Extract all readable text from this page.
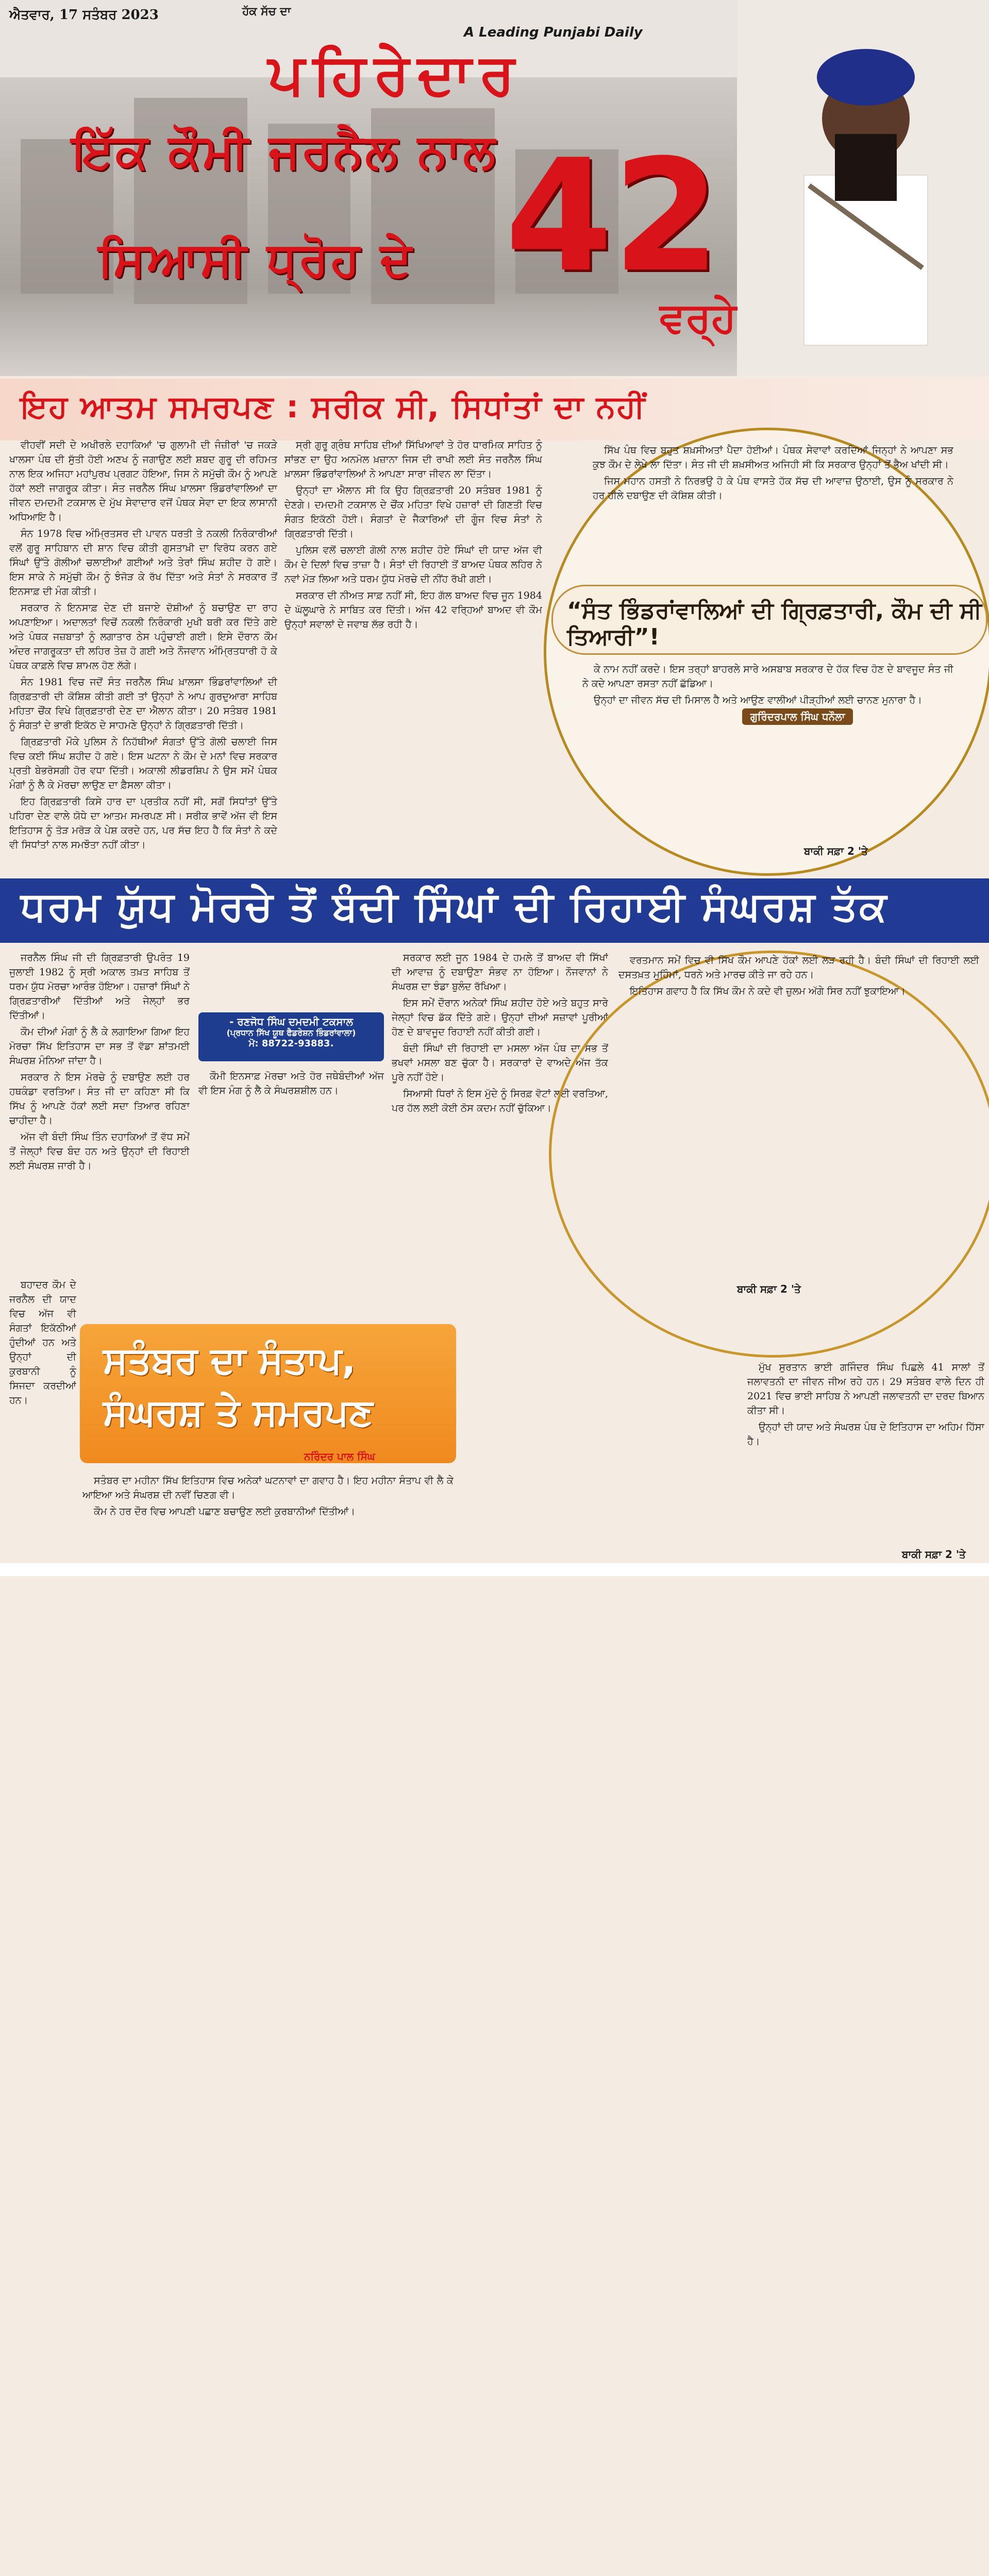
ਐਤਵਾਰ, 17 ਸਤੰਬਰ 2023	ਹੱਕ ਸੱਚ ਦਾ
A Leading Punjabi Daily
ਪਹਿਰੇਦਾਰ
ਇੱਕ ਕੌਮੀ ਜਰਨੈਲ ਨਾਲ
ਸਿਆਸੀ ਧ੍ਰੋਹ ਦੇ 42
ਵਰ੍ਹੇ
ਇਹ ਆਤਮ ਸਮਰਪਣ : ਸਰੀਕ ਸੀ, ਸਿਧਾਂਤਾਂ ਦਾ ਨਹੀਂ

ਵੀਹਵੀਂ ਸਦੀ ਦੇ ਅਖੀਰਲੇ ਦਹਾਕਿਆਂ 'ਚ ਗੁਲਾਮੀ ਦੀ ਜੰਜ਼ੀਰਾਂ 'ਚ ਜਕੜੇ ਖਾਲਸਾ ਪੰਥ ਦੀ ਸੁੱਤੀ ਹੋਈ ਅਣਖ ਨੂੰ ਜਗਾਉਣ ਲਈ ਸ਼ਬਦ ਗੁਰੂ ਦੀ ਰਹਿਮਤ ਨਾਲ ਇਕ ਅਜਿਹਾ ਮਹਾਂਪੁਰਖ ਪ੍ਰਗਟ ਹੋਇਆ, ਜਿਸ ਨੇ ਸਮੁੱਚੀ ਕੌਮ ਨੂੰ ਆਪਣੇ ਹੱਕਾਂ ਲਈ ਜਾਗਰੂਕ ਕੀਤਾ। ਸੰਤ ਜਰਨੈਲ ਸਿੰਘ ਖ਼ਾਲਸਾ ਭਿੰਡਰਾਂਵਾਲਿਆਂ ਦਾ ਜੀਵਨ ਦਮਦਮੀ ਟਕਸਾਲ ਦੇ ਮੁੱਖ ਸੇਵਾਦਾਰ ਵਜੋਂ ਪੰਥਕ ਸੇਵਾ ਦਾ ਇਕ ਲਾਸਾਨੀ ਅਧਿਆਇ ਹੈ।

ਸੰਨ 1978 ਵਿਚ ਅੰਮ੍ਰਿਤਸਰ ਦੀ ਪਾਵਨ ਧਰਤੀ ਤੇ ਨਕਲੀ ਨਿਰੰਕਾਰੀਆਂ ਵਲੋਂ ਗੁਰੂ ਸਾਹਿਬਾਨ ਦੀ ਸ਼ਾਨ ਵਿਚ ਕੀਤੀ ਗੁਸਤਾਖ਼ੀ ਦਾ ਵਿਰੋਧ ਕਰਨ ਗਏ ਸਿੰਘਾਂ ਉੱਤੇ ਗੋਲੀਆਂ ਚਲਾਈਆਂ ਗਈਆਂ ਅਤੇ ਤੇਰਾਂ ਸਿੰਘ ਸ਼ਹੀਦ ਹੋ ਗਏ। ਇਸ ਸਾਕੇ ਨੇ ਸਮੁੱਚੀ ਕੌਮ ਨੂੰ ਝੰਜੋੜ ਕੇ ਰੱਖ ਦਿੱਤਾ ਅਤੇ ਸੰਤਾਂ ਨੇ ਸਰਕਾਰ ਤੋਂ ਇਨਸਾਫ਼ ਦੀ ਮੰਗ ਕੀਤੀ।

ਸਰਕਾਰ ਨੇ ਇਨਸਾਫ਼ ਦੇਣ ਦੀ ਬਜਾਏ ਦੋਸ਼ੀਆਂ ਨੂੰ ਬਚਾਉਣ ਦਾ ਰਾਹ ਅਪਣਾਇਆ। ਅਦਾਲਤਾਂ ਵਿਚੋਂ ਨਕਲੀ ਨਿਰੰਕਾਰੀ ਮੁਖੀ ਬਰੀ ਕਰ ਦਿੱਤੇ ਗਏ ਅਤੇ ਪੰਥਕ ਜਜ਼ਬਾਤਾਂ ਨੂੰ ਲਗਾਤਾਰ ਠੇਸ ਪਹੁੰਚਾਈ ਗਈ। ਇਸੇ ਦੌਰਾਨ ਕੌਮ ਅੰਦਰ ਜਾਗਰੂਕਤਾ ਦੀ ਲਹਿਰ ਤੇਜ਼ ਹੋ ਗਈ ਅਤੇ ਨੌਜਵਾਨ ਅੰਮ੍ਰਿਤਧਾਰੀ ਹੋ ਕੇ ਪੰਥਕ ਕਾਫ਼ਲੇ ਵਿਚ ਸ਼ਾਮਲ ਹੋਣ ਲੱਗੇ।

ਸੰਨ 1981 ਵਿਚ ਜਦੋਂ ਸੰਤ ਜਰਨੈਲ ਸਿੰਘ ਖ਼ਾਲਸਾ ਭਿੰਡਰਾਂਵਾਲਿਆਂ ਦੀ ਗ੍ਰਿਫ਼ਤਾਰੀ ਦੀ ਕੋਸ਼ਿਸ਼ ਕੀਤੀ ਗਈ ਤਾਂ ਉਨ੍ਹਾਂ ਨੇ ਆਪ ਗੁਰਦੁਆਰਾ ਸਾਹਿਬ ਮਹਿਤਾ ਚੌਂਕ ਵਿਖੇ ਗ੍ਰਿਫ਼ਤਾਰੀ ਦੇਣ ਦਾ ਐਲਾਨ ਕੀਤਾ। 20 ਸਤੰਬਰ 1981 ਨੂੰ ਸੰਗਤਾਂ ਦੇ ਭਾਰੀ ਇਕੱਠ ਦੇ ਸਾਹਮਣੇ ਉਨ੍ਹਾਂ ਨੇ ਗ੍ਰਿਫ਼ਤਾਰੀ ਦਿੱਤੀ।

ਗ੍ਰਿਫ਼ਤਾਰੀ ਮੌਕੇ ਪੁਲਿਸ ਨੇ ਨਿਹੱਥੀਆਂ ਸੰਗਤਾਂ ਉੱਤੇ ਗੋਲੀ ਚਲਾਈ ਜਿਸ ਵਿਚ ਕਈ ਸਿੰਘ ਸ਼ਹੀਦ ਹੋ ਗਏ। ਇਸ ਘਟਨਾ ਨੇ ਕੌਮ ਦੇ ਮਨਾਂ ਵਿਚ ਸਰਕਾਰ ਪ੍ਰਤੀ ਬੇਭਰੋਸਗੀ ਹੋਰ ਵਧਾ ਦਿੱਤੀ। ਅਕਾਲੀ ਲੀਡਰਸ਼ਿਪ ਨੇ ਉਸ ਸਮੇਂ ਪੰਥਕ ਮੰਗਾਂ ਨੂੰ ਲੈ ਕੇ ਮੋਰਚਾ ਲਾਉਣ ਦਾ ਫ਼ੈਸਲਾ ਕੀਤਾ।

ਇਹ ਗ੍ਰਿਫ਼ਤਾਰੀ ਕਿਸੇ ਹਾਰ ਦਾ ਪ੍ਰਤੀਕ ਨਹੀਂ ਸੀ, ਸਗੋਂ ਸਿਧਾਂਤਾਂ ਉੱਤੇ ਪਹਿਰਾ ਦੇਣ ਵਾਲੇ ਯੋਧੇ ਦਾ ਆਤਮ ਸਮਰਪਣ ਸੀ। ਸਰੀਕ ਭਾਵੇਂ ਅੱਜ ਵੀ ਇਸ ਇਤਿਹਾਸ ਨੂੰ ਤੋੜ ਮਰੋੜ ਕੇ ਪੇਸ਼ ਕਰਦੇ ਹਨ, ਪਰ ਸੱਚ ਇਹ ਹੈ ਕਿ ਸੰਤਾਂ ਨੇ ਕਦੇ ਵੀ ਸਿਧਾਂਤਾਂ ਨਾਲ ਸਮਝੌਤਾ ਨਹੀਂ ਕੀਤਾ।

ਸ੍ਰੀ ਗੁਰੂ ਗ੍ਰੰਥ ਸਾਹਿਬ ਦੀਆਂ ਸਿੱਖਿਆਵਾਂ ਤੇ ਹੋਰ ਧਾਰਮਿਕ ਸਾਹਿਤ ਨੂੰ ਸਾਂਭਣ ਦਾ ਉਹ ਅਨਮੋਲ ਖ਼ਜ਼ਾਨਾ ਜਿਸ ਦੀ ਰਾਖੀ ਲਈ ਸੰਤ ਜਰਨੈਲ ਸਿੰਘ ਖ਼ਾਲਸਾ ਭਿੰਡਰਾਂਵਾਲਿਆਂ ਨੇ ਆਪਣਾ ਸਾਰਾ ਜੀਵਨ ਲਾ ਦਿੱਤਾ।

ਉਨ੍ਹਾਂ ਦਾ ਐਲਾਨ ਸੀ ਕਿ ਉਹ ਗ੍ਰਿਫ਼ਤਾਰੀ 20 ਸਤੰਬਰ 1981 ਨੂੰ ਦੇਣਗੇ। ਦਮਦਮੀ ਟਕਸਾਲ ਦੇ ਚੌਂਕ ਮਹਿਤਾ ਵਿਖੇ ਹਜ਼ਾਰਾਂ ਦੀ ਗਿਣਤੀ ਵਿਚ ਸੰਗਤ ਇਕੱਠੀ ਹੋਈ। ਸੰਗਤਾਂ ਦੇ ਜੈਕਾਰਿਆਂ ਦੀ ਗੂੰਜ ਵਿਚ ਸੰਤਾਂ ਨੇ ਗ੍ਰਿਫ਼ਤਾਰੀ ਦਿੱਤੀ।

ਪੁਲਿਸ ਵਲੋਂ ਚਲਾਈ ਗੋਲੀ ਨਾਲ ਸ਼ਹੀਦ ਹੋਏ ਸਿੰਘਾਂ ਦੀ ਯਾਦ ਅੱਜ ਵੀ ਕੌਮ ਦੇ ਦਿਲਾਂ ਵਿਚ ਤਾਜ਼ਾ ਹੈ। ਸੰਤਾਂ ਦੀ ਰਿਹਾਈ ਤੋਂ ਬਾਅਦ ਪੰਥਕ ਲਹਿਰ ਨੇ ਨਵਾਂ ਮੋੜ ਲਿਆ ਅਤੇ ਧਰਮ ਯੁੱਧ ਮੋਰਚੇ ਦੀ ਨੀਂਹ ਰੱਖੀ ਗਈ।

ਸਰਕਾਰ ਦੀ ਨੀਅਤ ਸਾਫ਼ ਨਹੀਂ ਸੀ, ਇਹ ਗੱਲ ਬਾਅਦ ਵਿਚ ਜੂਨ 1984 ਦੇ ਘੱਲੂਘਾਰੇ ਨੇ ਸਾਬਿਤ ਕਰ ਦਿੱਤੀ। ਅੱਜ 42 ਵਰ੍ਹਿਆਂ ਬਾਅਦ ਵੀ ਕੌਮ ਉਨ੍ਹਾਂ ਸਵਾਲਾਂ ਦੇ ਜਵਾਬ ਲੱਭ ਰਹੀ ਹੈ।

ਸਿੱਖ ਪੰਥ ਵਿਚ ਬਹੁਤ ਸ਼ਖ਼ਸੀਅਤਾਂ ਪੈਦਾ ਹੋਈਆਂ। ਪੰਥਕ ਸੇਵਾਵਾਂ ਕਰਦਿਆਂ ਜਿਨ੍ਹਾਂ ਨੇ ਆਪਣਾ ਸਭ ਕੁਝ ਕੌਮ ਦੇ ਲੇਖੇ ਲਾ ਦਿੱਤਾ। ਸੰਤ ਜੀ ਦੀ ਸ਼ਖ਼ਸੀਅਤ ਅਜਿਹੀ ਸੀ ਕਿ ਸਰਕਾਰ ਉਨ੍ਹਾਂ ਤੋਂ ਭੈਅ ਖਾਂਦੀ ਸੀ।

ਜਿਸ ਮਹਾਨ ਹਸਤੀ ਨੇ ਨਿਰਭਉ ਹੋ ਕੇ ਪੰਥ ਵਾਸਤੇ ਹੱਕ ਸੱਚ ਦੀ ਆਵਾਜ਼ ਉਠਾਈ, ਉਸ ਨੂੰ ਸਰਕਾਰ ਨੇ ਹਰ ਹੀਲੇ ਦਬਾਉਣ ਦੀ ਕੋਸ਼ਿਸ਼ ਕੀਤੀ।

“ਸੰਤ ਭਿੰਡਰਾਂਵਾਲਿਆਂ ਦੀ ਗ੍ਰਿਫ਼ਤਾਰੀ, ਕੌਮ ਦੀ ਸੀ ਤਿਆਰੀ”!

ਕੇ ਨਾਮ ਨਹੀਂ ਕਰਦੇ। ਇਸ ਤਰ੍ਹਾਂ ਬਾਹਰਲੇ ਸਾਰੇ ਅਸਬਾਬ ਸਰਕਾਰ ਦੇ ਹੱਕ ਵਿਚ ਹੋਣ ਦੇ ਬਾਵਜੂਦ ਸੰਤ ਜੀ ਨੇ ਕਦੇ ਆਪਣਾ ਰਸਤਾ ਨਹੀਂ ਛੱਡਿਆ।

ਉਨ੍ਹਾਂ ਦਾ ਜੀਵਨ ਸੱਚ ਦੀ ਮਿਸਾਲ ਹੈ ਅਤੇ ਆਉਣ ਵਾਲੀਆਂ ਪੀੜ੍ਹੀਆਂ ਲਈ ਚਾਨਣ ਮੁਨਾਰਾ ਹੈ।

ਗੁਰਿੰਦਰਪਾਲ ਸਿੰਘ ਧਨੌਲਾ
ਬਾਕੀ ਸਫ਼ਾ 2 'ਤੇ
ਧਰਮ ਯੁੱਧ ਮੋਰਚੇ ਤੋਂ ਬੰਦੀ ਸਿੰਘਾਂ ਦੀ ਰਿਹਾਈ ਸੰਘਰਸ਼ ਤੱਕ

ਜਰਨੈਲ ਸਿੰਘ ਜੀ ਦੀ ਗ੍ਰਿਫ਼ਤਾਰੀ ਉਪਰੰਤ 19 ਜੁਲਾਈ 1982 ਨੂੰ ਸ੍ਰੀ ਅਕਾਲ ਤਖ਼ਤ ਸਾਹਿਬ ਤੋਂ ਧਰਮ ਯੁੱਧ ਮੋਰਚਾ ਆਰੰਭ ਹੋਇਆ। ਹਜ਼ਾਰਾਂ ਸਿੰਘਾਂ ਨੇ ਗ੍ਰਿਫ਼ਤਾਰੀਆਂ ਦਿੱਤੀਆਂ ਅਤੇ ਜੇਲ੍ਹਾਂ ਭਰ ਦਿੱਤੀਆਂ।

ਕੌਮ ਦੀਆਂ ਮੰਗਾਂ ਨੂੰ ਲੈ ਕੇ ਲਗਾਇਆ ਗਿਆ ਇਹ ਮੋਰਚਾ ਸਿੱਖ ਇਤਿਹਾਸ ਦਾ ਸਭ ਤੋਂ ਵੱਡਾ ਸ਼ਾਂਤਮਈ ਸੰਘਰਸ਼ ਮੰਨਿਆ ਜਾਂਦਾ ਹੈ।

ਸਰਕਾਰ ਨੇ ਇਸ ਮੋਰਚੇ ਨੂੰ ਦਬਾਉਣ ਲਈ ਹਰ ਹਥਕੰਡਾ ਵਰਤਿਆ। ਸੰਤ ਜੀ ਦਾ ਕਹਿਣਾ ਸੀ ਕਿ ਸਿੱਖ ਨੂੰ ਆਪਣੇ ਹੱਕਾਂ ਲਈ ਸਦਾ ਤਿਆਰ ਰਹਿਣਾ ਚਾਹੀਦਾ ਹੈ।

ਅੱਜ ਵੀ ਬੰਦੀ ਸਿੰਘ ਤਿੰਨ ਦਹਾਕਿਆਂ ਤੋਂ ਵੱਧ ਸਮੇਂ ਤੋਂ ਜੇਲ੍ਹਾਂ ਵਿਚ ਬੰਦ ਹਨ ਅਤੇ ਉਨ੍ਹਾਂ ਦੀ ਰਿਹਾਈ ਲਈ ਸੰਘਰਸ਼ ਜਾਰੀ ਹੈ।

- ਰਣਜੋਧ ਸਿੰਘ ਦਮਦਮੀ ਟਕਸਾਲ
(ਪ੍ਰਧਾਨ ਸਿੱਖ ਯੂਥ ਫੈਡਰੇਸ਼ਨ ਭਿੰਡਰਾਂਵਾਲਾ)
ਮੋ: 88722-93883.

ਕੌਮੀ ਇਨਸਾਫ਼ ਮੋਰਚਾ ਅਤੇ ਹੋਰ ਜਥੇਬੰਦੀਆਂ ਅੱਜ ਵੀ ਇਸ ਮੰਗ ਨੂੰ ਲੈ ਕੇ ਸੰਘਰਸ਼ਸ਼ੀਲ ਹਨ।

ਸਰਕਾਰ ਲਈ ਜੂਨ 1984 ਦੇ ਹਮਲੇ ਤੋਂ ਬਾਅਦ ਵੀ ਸਿੱਖਾਂ ਦੀ ਆਵਾਜ਼ ਨੂੰ ਦਬਾਉਣਾ ਸੰਭਵ ਨਾ ਹੋਇਆ। ਨੌਜਵਾਨਾਂ ਨੇ ਸੰਘਰਸ਼ ਦਾ ਝੰਡਾ ਬੁਲੰਦ ਰੱਖਿਆ।

ਇਸ ਸਮੇਂ ਦੌਰਾਨ ਅਨੇਕਾਂ ਸਿੰਘ ਸ਼ਹੀਦ ਹੋਏ ਅਤੇ ਬਹੁਤ ਸਾਰੇ ਜੇਲ੍ਹਾਂ ਵਿਚ ਡੱਕ ਦਿੱਤੇ ਗਏ। ਉਨ੍ਹਾਂ ਦੀਆਂ ਸਜ਼ਾਵਾਂ ਪੂਰੀਆਂ ਹੋਣ ਦੇ ਬਾਵਜੂਦ ਰਿਹਾਈ ਨਹੀਂ ਕੀਤੀ ਗਈ।

ਬੰਦੀ ਸਿੰਘਾਂ ਦੀ ਰਿਹਾਈ ਦਾ ਮਸਲਾ ਅੱਜ ਪੰਥ ਦਾ ਸਭ ਤੋਂ ਭਖਵਾਂ ਮਸਲਾ ਬਣ ਚੁੱਕਾ ਹੈ। ਸਰਕਾਰਾਂ ਦੇ ਵਾਅਦੇ ਅੱਜ ਤੱਕ ਪੂਰੇ ਨਹੀਂ ਹੋਏ।

ਸਿਆਸੀ ਧਿਰਾਂ ਨੇ ਇਸ ਮੁੱਦੇ ਨੂੰ ਸਿਰਫ਼ ਵੋਟਾਂ ਲਈ ਵਰਤਿਆ, ਪਰ ਹੱਲ ਲਈ ਕੋਈ ਠੋਸ ਕਦਮ ਨਹੀਂ ਚੁੱਕਿਆ।

ਵਰਤਮਾਨ ਸਮੇਂ ਵਿਚ ਵੀ ਸਿੱਖ ਕੌਮ ਆਪਣੇ ਹੱਕਾਂ ਲਈ ਲੜ ਰਹੀ ਹੈ। ਬੰਦੀ ਸਿੰਘਾਂ ਦੀ ਰਿਹਾਈ ਲਈ ਦਸਤਖ਼ਤ ਮੁਹਿੰਮਾਂ, ਧਰਨੇ ਅਤੇ ਮਾਰਚ ਕੀਤੇ ਜਾ ਰਹੇ ਹਨ।

ਇਤਿਹਾਸ ਗਵਾਹ ਹੈ ਕਿ ਸਿੱਖ ਕੌਮ ਨੇ ਕਦੇ ਵੀ ਜ਼ੁਲਮ ਅੱਗੇ ਸਿਰ ਨਹੀਂ ਝੁਕਾਇਆ।

ਬਾਕੀ ਸਫ਼ਾ 2 'ਤੇ

ਬਹਾਦਰ ਕੌਮ ਦੇ ਜਰਨੈਲ ਦੀ ਯਾਦ ਵਿਚ ਅੱਜ ਵੀ ਸੰਗਤਾਂ ਇਕੱਠੀਆਂ ਹੁੰਦੀਆਂ ਹਨ ਅਤੇ ਉਨ੍ਹਾਂ ਦੀ ਕੁਰਬਾਨੀ ਨੂੰ ਸਿਜਦਾ ਕਰਦੀਆਂ ਹਨ।

ਸਤੰਬਰ ਦਾ ਸੰਤਾਪ,
ਸੰਘਰਸ਼ ਤੇ ਸਮਰਪਣ

ਸਤੰਬਰ ਦਾ ਮਹੀਨਾ ਸਿੱਖ ਇਤਿਹਾਸ ਵਿਚ ਅਨੇਕਾਂ ਘਟਨਾਵਾਂ ਦਾ ਗਵਾਹ ਹੈ। ਇਹ ਮਹੀਨਾ ਸੰਤਾਪ ਵੀ ਲੈ ਕੇ ਆਇਆ ਅਤੇ ਸੰਘਰਸ਼ ਦੀ ਨਵੀਂ ਚਿਣਗ ਵੀ।

ਕੌਮ ਨੇ ਹਰ ਦੌਰ ਵਿਚ ਆਪਣੀ ਪਛਾਣ ਬਚਾਉਣ ਲਈ ਕੁਰਬਾਨੀਆਂ ਦਿੱਤੀਆਂ।

ਨਰਿੰਦਰ ਪਾਲ ਸਿੰਘ

ਮੁੱਖ ਸੁਰਤਾਨ ਭਾਈ ਗਜਿੰਦਰ ਸਿੰਘ ਪਿਛਲੇ 41 ਸਾਲਾਂ ਤੋਂ ਜਲਾਵਤਨੀ ਦਾ ਜੀਵਨ ਜੀਅ ਰਹੇ ਹਨ। 29 ਸਤੰਬਰ ਵਾਲੇ ਦਿਨ ਹੀ 2021 ਵਿਚ ਭਾਈ ਸਾਹਿਬ ਨੇ ਆਪਣੀ ਜਲਾਵਤਨੀ ਦਾ ਦਰਦ ਬਿਆਨ ਕੀਤਾ ਸੀ।

ਉਨ੍ਹਾਂ ਦੀ ਯਾਦ ਅਤੇ ਸੰਘਰਸ਼ ਪੰਥ ਦੇ ਇਤਿਹਾਸ ਦਾ ਅਹਿਮ ਹਿੱਸਾ ਹੈ।

ਬਾਕੀ ਸਫ਼ਾ 2 'ਤੇ
